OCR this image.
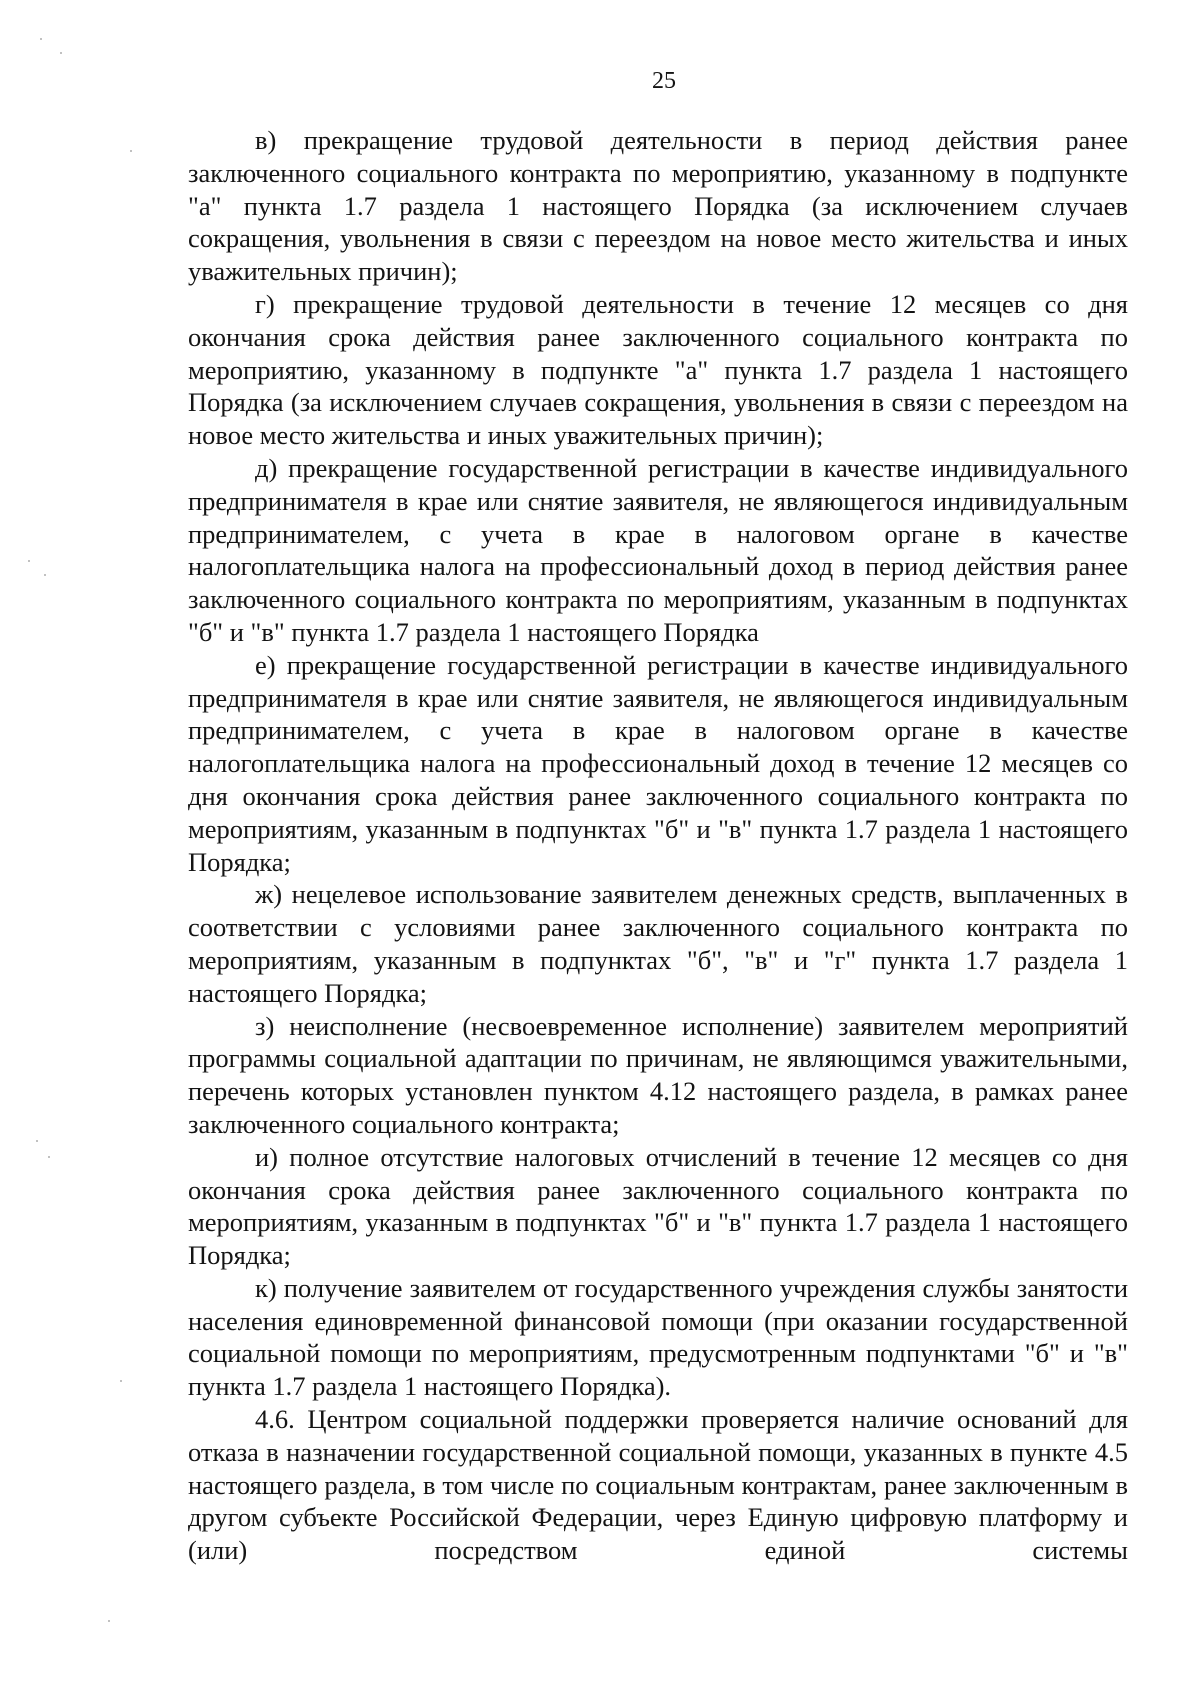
25

в) прекращение трудовой деятельности в период действия ранее заключенного социального контракта по мероприятию, указанному в подпункте "а" пункта 1.7 раздела 1 настоящего Порядка (за исключением случаев сокращения, увольнения в связи с переездом на новое место жительства и иных уважительных причин);

г) прекращение трудовой деятельности в течение 12 месяцев со дня окончания срока действия ранее заключенного социального контракта по мероприятию, указанному в подпункте "а" пункта 1.7 раздела 1 настоящего Порядка (за исключением случаев сокращения, увольнения в связи с переездом на новое место жительства и иных уважительных причин);

д) прекращение государственной регистрации в качестве индивидуального предпринимателя в крае или снятие заявителя, не являющегося индивидуальным предпринимателем, с учета в крае в налоговом органе в качестве налогоплательщика налога на профессиональный доход в период действия ранее заключенного социального контракта по мероприятиям, указанным в подпунктах "б" и "в" пункта 1.7 раздела 1 настоящего Порядка

е) прекращение государственной регистрации в качестве индивидуального предпринимателя в крае или снятие заявителя, не являющегося индивидуальным предпринимателем, с учета в крае в налоговом органе в качестве налогоплательщика налога на профессиональный доход в течение 12 месяцев со дня окончания срока действия ранее заключенного социального контракта по мероприятиям, указанным в подпунктах "б" и "в" пункта 1.7 раздела 1 настоящего Порядка;

ж) нецелевое использование заявителем денежных средств, выплаченных в соответствии с условиями ранее заключенного социального контракта по мероприятиям, указанным в подпунктах "б", "в" и "г" пункта 1.7 раздела 1 настоящего Порядка;

з) неисполнение (несвоевременное исполнение) заявителем мероприятий программы социальной адаптации по причинам, не являющимся уважительными, перечень которых установлен пунктом 4.12 настоящего раздела, в рамках ранее заключенного социального контракта;

и) полное отсутствие налоговых отчислений в течение 12 месяцев со дня окончания срока действия ранее заключенного социального контракта по мероприятиям, указанным в подпунктах "б" и "в" пункта 1.7 раздела 1 настоящего Порядка;

к) получение заявителем от государственного учреждения службы занятости населения единовременной финансовой помощи (при оказании государственной социальной помощи по мероприятиям, предусмотренным подпунктами "б" и "в" пункта 1.7 раздела 1 настоящего Порядка).

4.6. Центром социальной поддержки проверяется наличие оснований для отказа в назначении государственной социальной помощи, указанных в пункте 4.5 настоящего раздела, в том числе по социальным контрактам, ранее заключенным в другом субъекте Российской Федерации, через Единую цифровую платформу и (или) посредством единой системы
